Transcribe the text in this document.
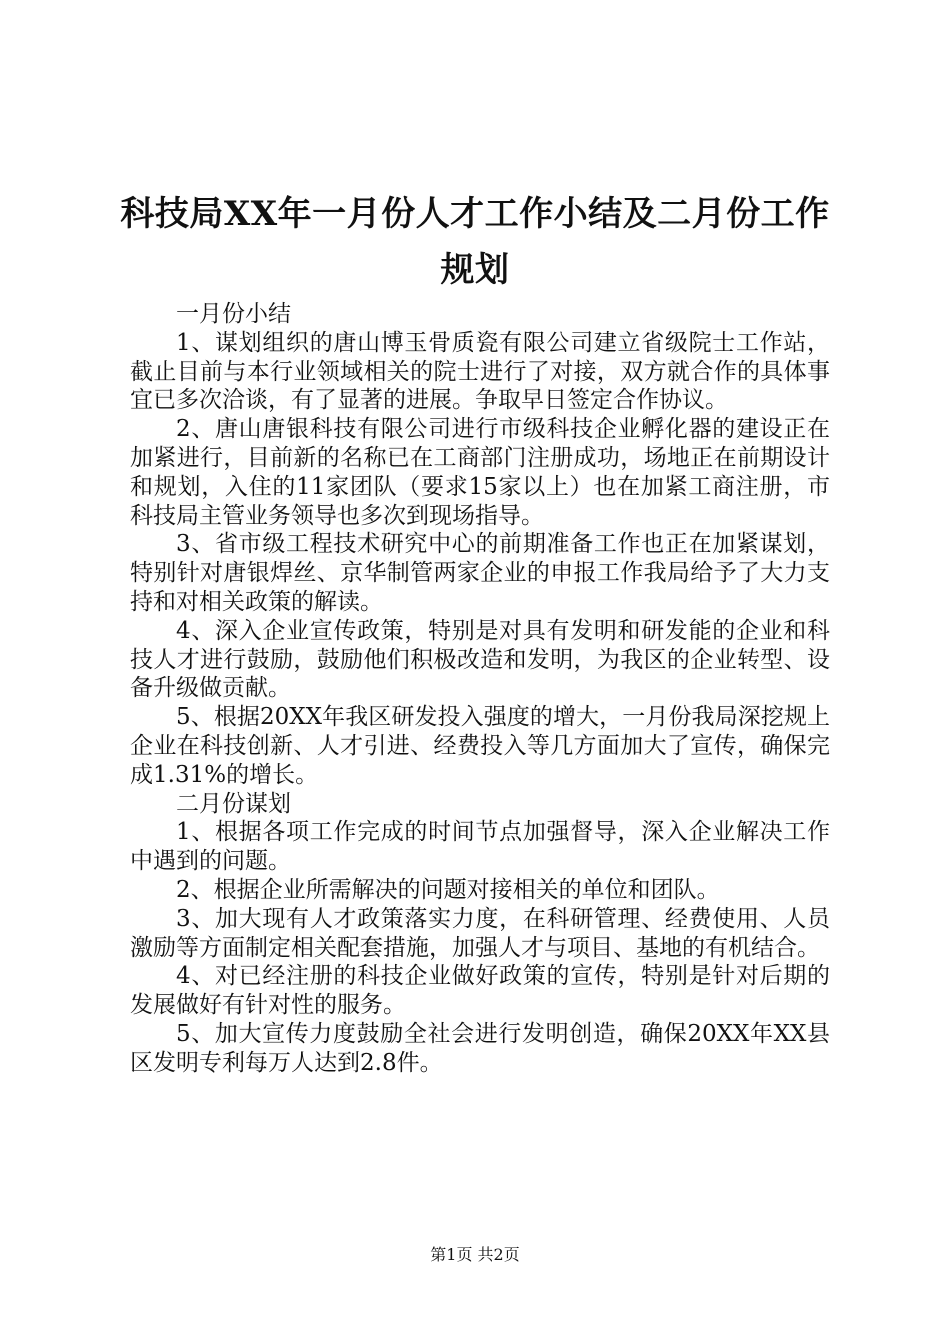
科技局XX年一月份人才工作小结及二月份工作规划

一月份小结

1、谋划组织的唐山博玉骨质瓷有限公司建立省级院士工作站，截止目前与本行业领域相关的院士进行了对接，双方就合作的具体事宜已多次洽谈，有了显著的进展。争取早日签定合作协议。

2、唐山唐银科技有限公司进行市级科技企业孵化器的建设正在加紧进行，目前新的名称已在工商部门注册成功，场地正在前期设计和规划，入住的11家团队（要求15家以上）也在加紧工商注册，市科技局主管业务领导也多次到现场指导。

3、省市级工程技术研究中心的前期准备工作也正在加紧谋划，特别针对唐银焊丝、京华制管两家企业的申报工作我局给予了大力支持和对相关政策的解读。

4、深入企业宣传政策，特别是对具有发明和研发能的企业和科技人才进行鼓励，鼓励他们积极改造和发明，为我区的企业转型、设备升级做贡献。

5、根据20XX年我区研发投入强度的增大，一月份我局深挖规上企业在科技创新、人才引进、经费投入等几方面加大了宣传，确保完成1.31%的增长。

二月份谋划

1、根据各项工作完成的时间节点加强督导，深入企业解决工作中遇到的问题。

2、根据企业所需解决的问题对接相关的单位和团队。

3、加大现有人才政策落实力度，在科研管理、经费使用、人员激励等方面制定相关配套措施，加强人才与项目、基地的有机结合。

4、对已经注册的科技企业做好政策的宣传，特别是针对后期的发展做好有针对性的服务。

5、加大宣传力度鼓励全社会进行发明创造，确保20XX年XX县区发明专利每万人达到2.8件。

第1页 共2页
